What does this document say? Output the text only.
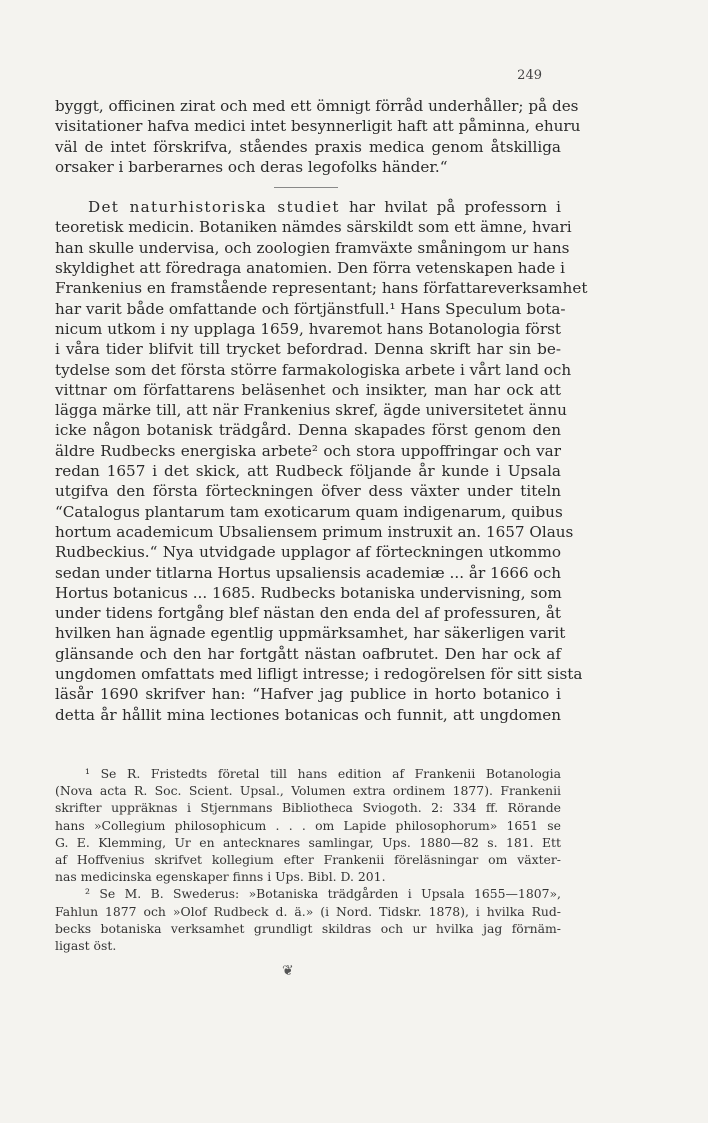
249
byggt, officinen zirat och med ett ömnigt förråd underhåller; på des
visitationer hafva medici intet besynnerligit haft att påminna, ehuru
väl de intet förskrifva, ståendes praxis medica genom åtskilliga
orsaker i barberarnes och deras legofolks händer.“
Det naturhistoriska studiet har hvilat på professorn i
teoretisk medicin. Botaniken nämdes särskildt som ett ämne, hvari
han skulle undervisa, och zoologien framväxte småningom ur hans
skyldighet att föredraga anatomien. Den förra vetenskapen hade i
Frankenius en framstående representant; hans författareverksamhet
har varit både omfattande och förtjänstfull.¹ Hans Speculum bota-
nicum utkom i ny upplaga 1659, hvaremot hans Botanologia först
i våra tider blifvit till trycket befordrad. Denna skrift har sin be-
tydelse som det första större farmakologiska arbete i vårt land och
vittnar om författarens beläsenhet och insikter, man har ock att
lägga märke till, att när Frankenius skref, ägde universitetet ännu
icke någon botanisk trädgård. Denna skapades först genom den
äldre Rudbecks energiska arbete² och stora uppoffringar och var
redan 1657 i det skick, att Rudbeck följande år kunde i Upsala
utgifva den första förteckningen öfver dess växter under titeln
“Catalogus plantarum tam exoticarum quam indigenarum, quibus
hortum academicum Ubsaliensem primum instruxit an. 1657 Olaus
Rudbeckius.“ Nya utvidgade upplagor af förteckningen utkommo
sedan under titlarna Hortus upsaliensis academiæ ... år 1666 och
Hortus botanicus ... 1685. Rudbecks botaniska undervisning, som
under tidens fortgång blef nästan den enda del af professuren, åt
hvilken han ägnade egentlig uppmärksamhet, har säkerligen varit
glänsande och den har fortgått nästan oafbrutet. Den har ock af
ungdomen omfattats med lifligt intresse; i redogörelsen för sitt sista
läsår 1690 skrifver han: “Hafver jag publice in horto botanico i
detta år hållit mina lectiones botanicas och funnit, att ungdomen
¹ Se R. Fristedts företal till hans edition af Frankenii Botanologia
(Nova acta R. Soc. Scient. Upsal., Volumen extra ordinem 1877). Frankenii
skrifter uppräknas i Stjernmans Bibliotheca Sviogoth. 2: 334 ff. Rörande
hans »Collegium philosophicum . . . om Lapide philosophorum» 1651 se
G. E. Klemming, Ur en antecknares samlingar, Ups. 1880—82 s. 181. Ett
af Hoffvenius skrifvet kollegium efter Frankenii föreläsningar om växter-
nas medicinska egenskaper finns i Ups. Bibl. D. 201.
² Se M. B. Swederus: »Botaniska trädgården i Upsala 1655—1807»,
Fahlun 1877 och »Olof Rudbeck d. ä.» (i Nord. Tidskr. 1878), i hvilka Rud-
becks botaniska verksamhet grundligt skildras och ur hvilka jag förnäm-
ligast öst.
❦
